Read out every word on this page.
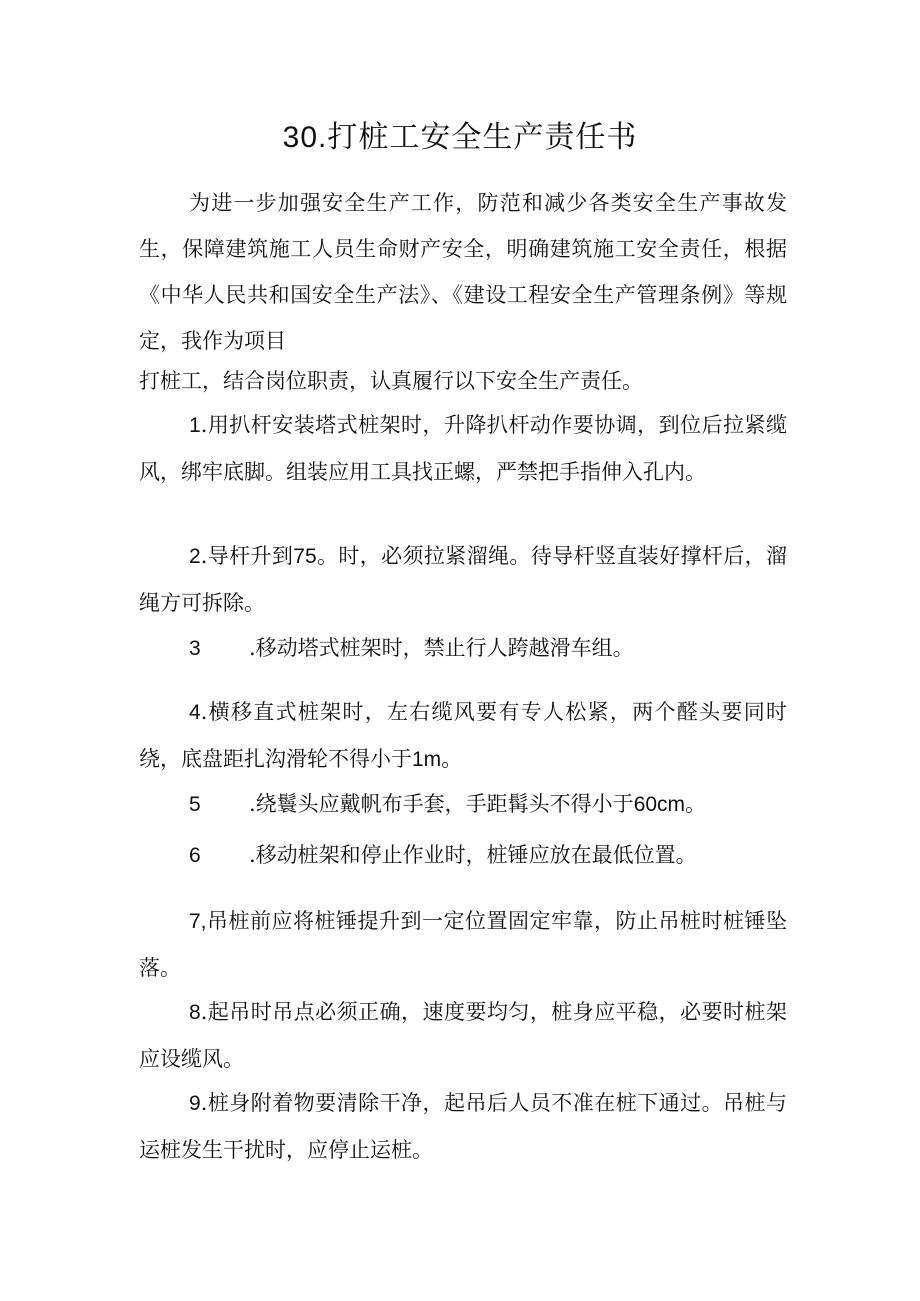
30.打桩工安全生产责任书
为进一步加强安全生产工作，防范和减少各类安全生产事故发生，保障建筑施工人员生命财产安全，明确建筑施工安全责任，根据《中华人民共和国安全生产法》、《建设工程安全生产管理条例》等规定，我作为项目
打桩工，结合岗位职责，认真履行以下安全生产责任。
1.用扒杆安装塔式桩架时，升降扒杆动作要协调，到位后拉紧缆风，绑牢底脚。组装应用工具找正螺，严禁把手指伸入孔内。
2.导杆升到75。时，必须拉紧溜绳。待导杆竖直装好撑杆后，溜绳方可拆除。
3 .移动塔式桩架时，禁止行人跨越滑车组。
4.横移直式桩架时，左右缆风要有专人松紧，两个醛头要同时绕，底盘距扎沟滑轮不得小于1m。
5 .绕鬟头应戴帆布手套，手距髯头不得小于60cm。
6 .移动桩架和停止作业时，桩锤应放在最低位置。
7,吊桩前应将桩锤提升到一定位置固定牢靠，防止吊桩时桩锤坠落。
8.起吊时吊点必须正确，速度要均匀，桩身应平稳，必要时桩架应设缆风。
9.桩身附着物要清除干净，起吊后人员不准在桩下通过。吊桩与运桩发生干扰时，应停止运桩。
